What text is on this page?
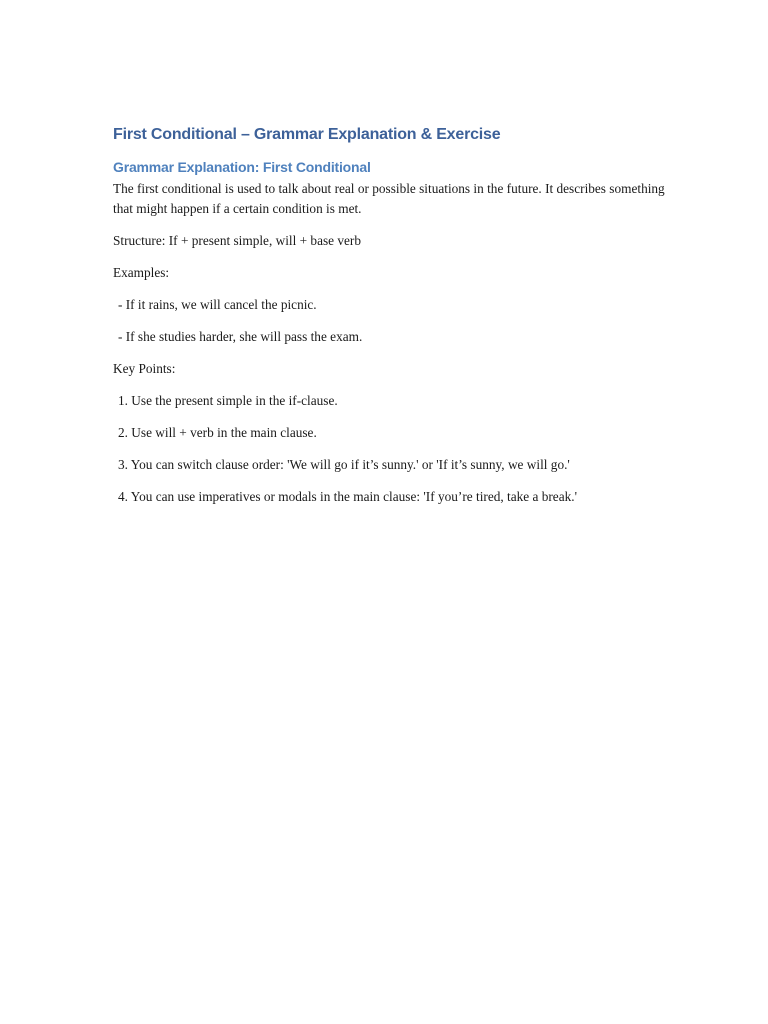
First Conditional – Grammar Explanation & Exercise
Grammar Explanation: First Conditional

The first conditional is used to talk about real or possible situations in the future. It describes something that might happen if a certain condition is met.

Structure: If + present simple, will + base verb

Examples:

- If it rains, we will cancel the picnic.

- If she studies harder, she will pass the exam.

Key Points:

1. Use the present simple in the if-clause.

2. Use will + verb in the main clause.

3. You can switch clause order: 'We will go if it’s sunny.' or 'If it’s sunny, we will go.'

4. You can use imperatives or modals in the main clause: 'If you’re tired, take a break.'
